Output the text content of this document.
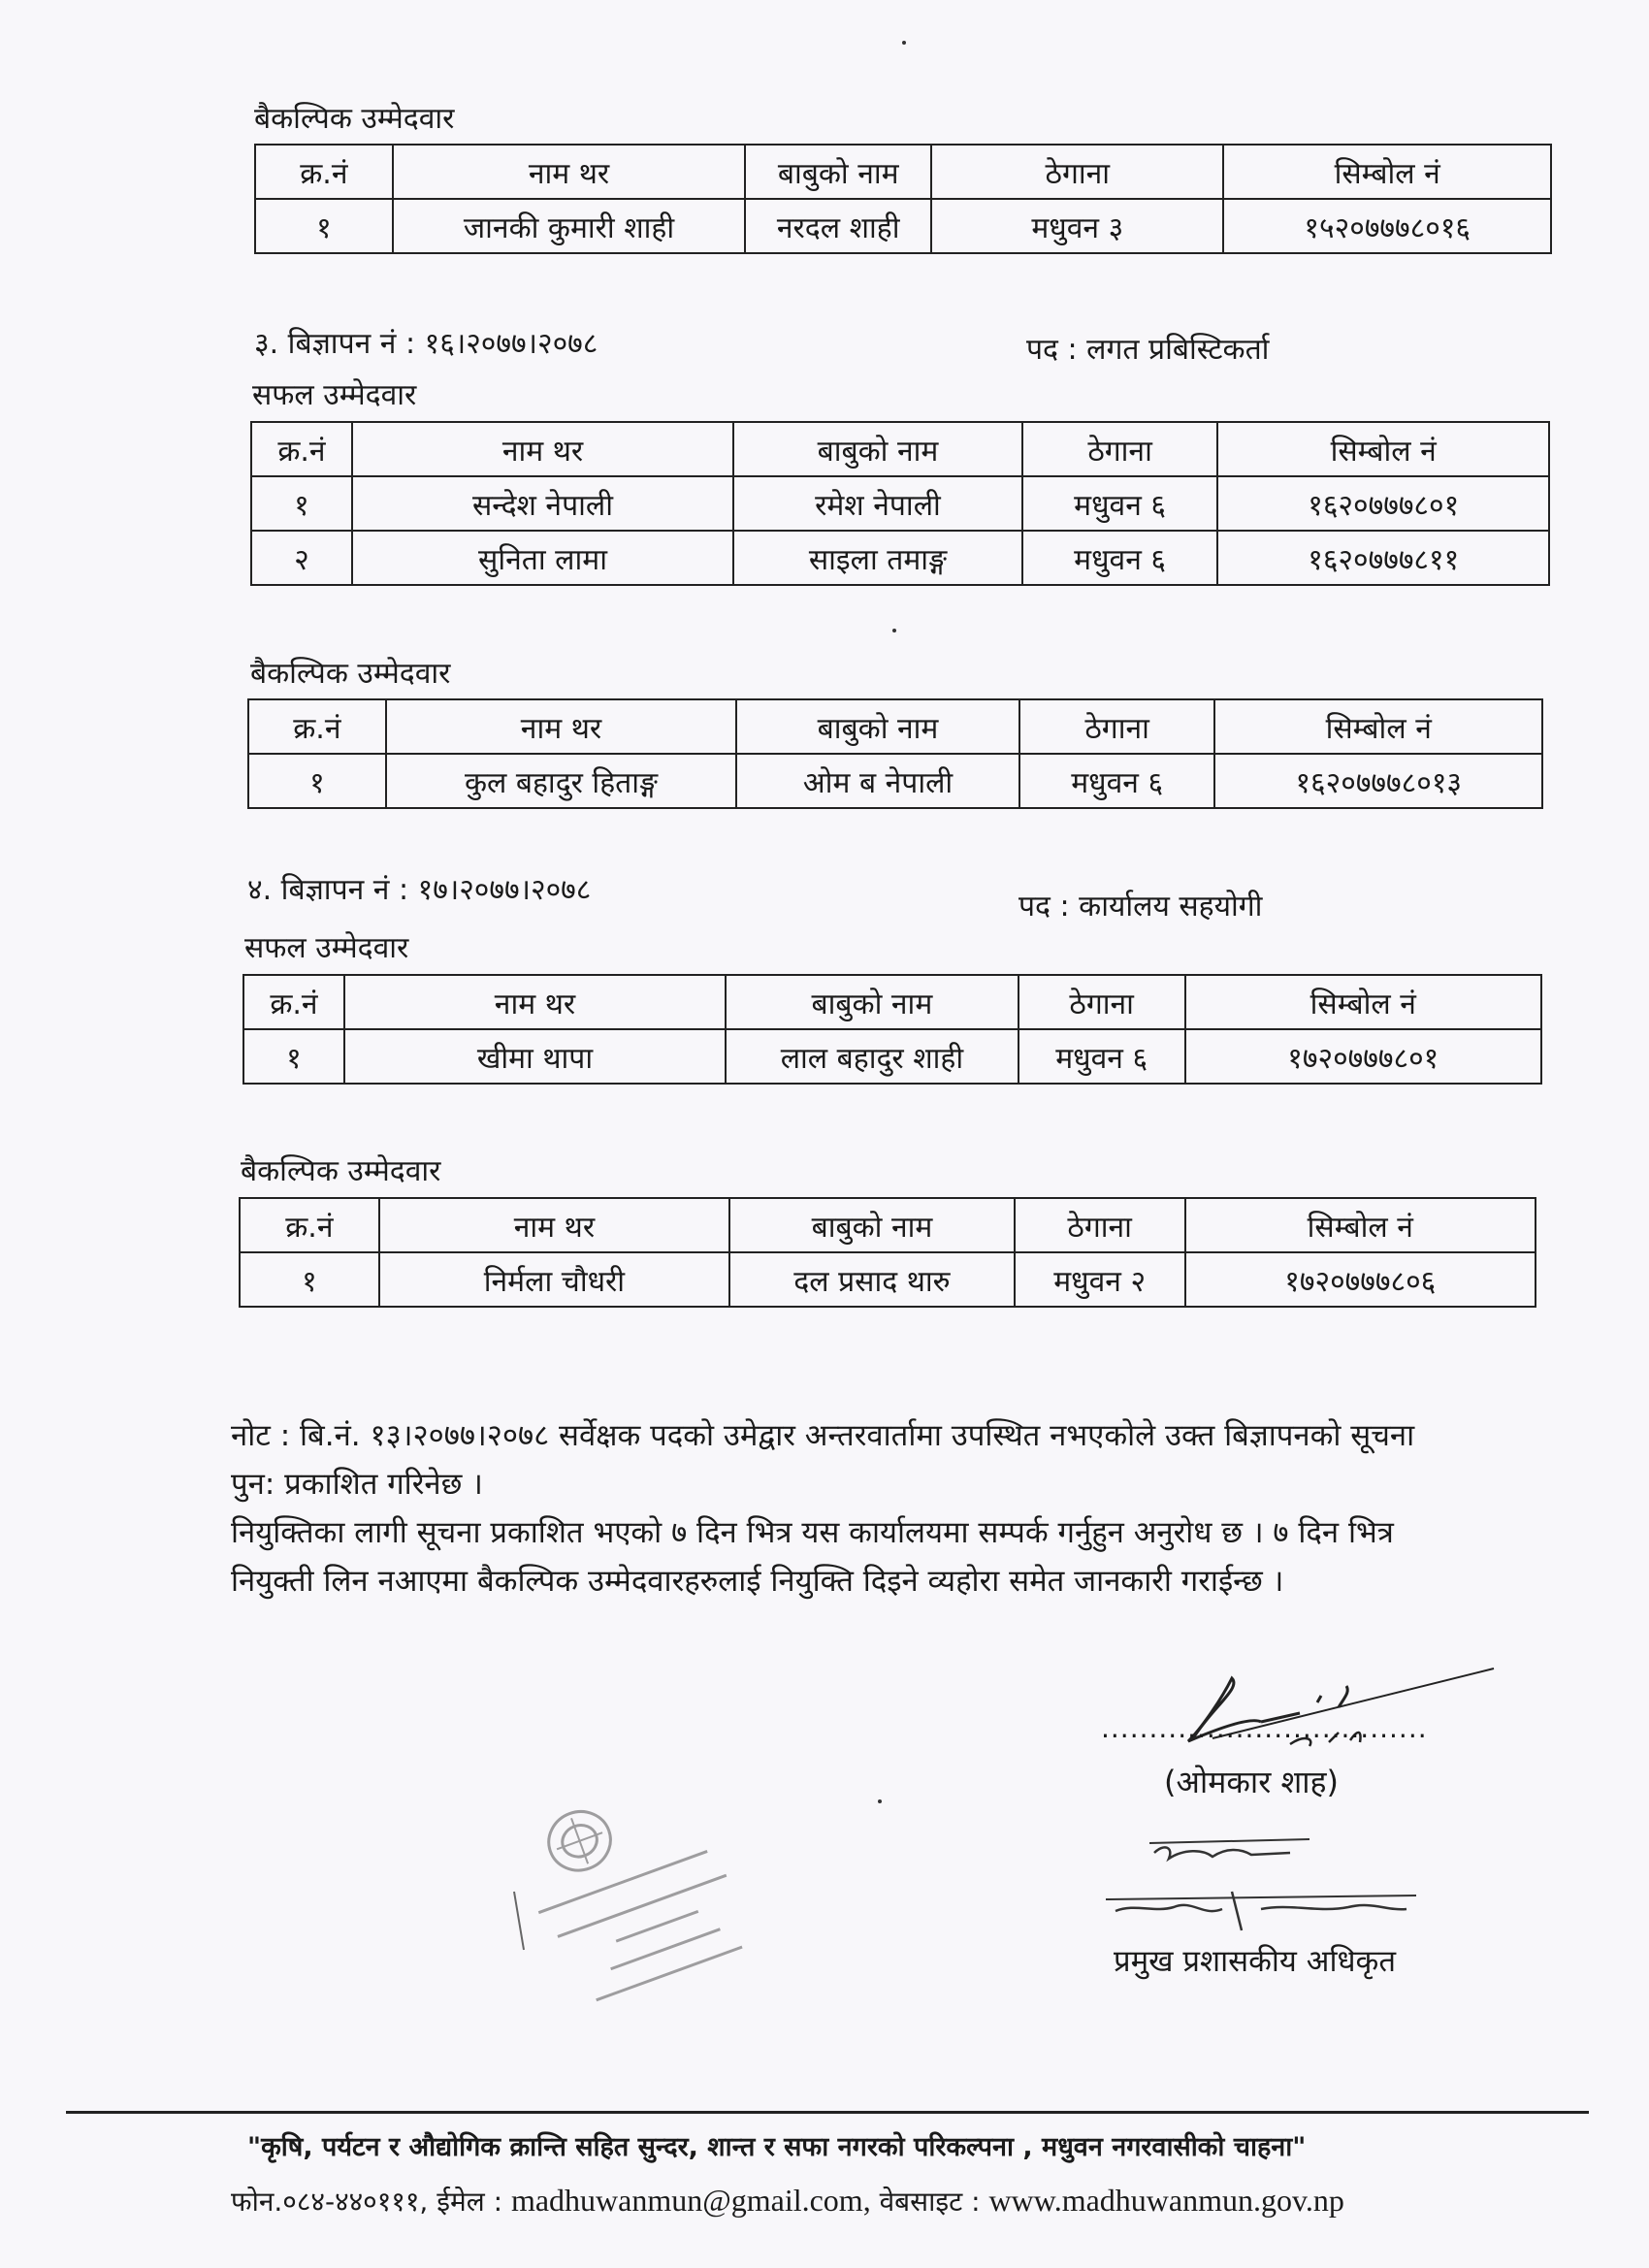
बैकल्पिक उम्मेदवार
क्र.नं	नाम थर	बाबुको नाम	ठेगाना	सिम्बोल नं
१	जानकी कुमारी शाही	नरदल शाही	मधुवन ३	१५२०७७७८०१६
३. बिज्ञापन नं : १६।२०७७।२०७८	पद : लगत प्रबिस्टिकर्ता
सफल उम्मेदवार
क्र.नं	नाम थर	बाबुको नाम	ठेगाना	सिम्बोल नं
१	सन्देश नेपाली	रमेश नेपाली	मधुवन ६	१६२०७७७८०१
२	सुनिता लामा	साइला तमाङ्ग	मधुवन ६	१६२०७७७८११
बैकल्पिक उम्मेदवार
क्र.नं	नाम थर	बाबुको नाम	ठेगाना	सिम्बोल नं
१	कुल बहादुर हिताङ्ग	ओम ब नेपाली	मधुवन ६	१६२०७७७८०१३
४. बिज्ञापन नं : १७।२०७७।२०७८	पद : कार्यालय सहयोगी
सफल उम्मेदवार
क्र.नं	नाम थर	बाबुको नाम	ठेगाना	सिम्बोल नं
१	खीमा थापा	लाल बहादुर शाही	मधुवन ६	१७२०७७७८०१
बैकल्पिक उम्मेदवार
क्र.नं	नाम थर	बाबुको नाम	ठेगाना	सिम्बोल नं
१	निर्मला चौधरी	दल प्रसाद थारु	मधुवन २	१७२०७७७८०६

नोट : बि.नं. १३।२०७७।२०७८ सर्वेक्षक पदको उमेद्वार अन्तरवार्तामा उपस्थित नभएकोले उक्त बिज्ञापनको सूचना पुन: प्रकाशित गरिनेछ ।

नियुक्तिका लागी सूचना प्रकाशित भएको ७ दिन भित्र यस कार्यालयमा सम्पर्क गर्नुहुन अनुरोध छ । ७ दिन भित्र नियुक्ती लिन नआएमा बैकल्पिक उम्मेदवारहरुलाई नियुक्ति दिइने व्यहोरा समेत जानकारी गराईन्छ ।

..................................
(ओमकार शाह)
प्रमुख प्रशासकीय अधिकृत
"कृषि, पर्यटन र औद्योगिक क्रान्ति सहित सुन्दर, शान्त र सफा नगरको परिकल्पना , मधुवन नगरवासीको चाहना"
फोन.०८४-४४०१११, ईमेल : madhuwanmun@gmail.com, वेबसाइट : www.madhuwanmun.gov.np
